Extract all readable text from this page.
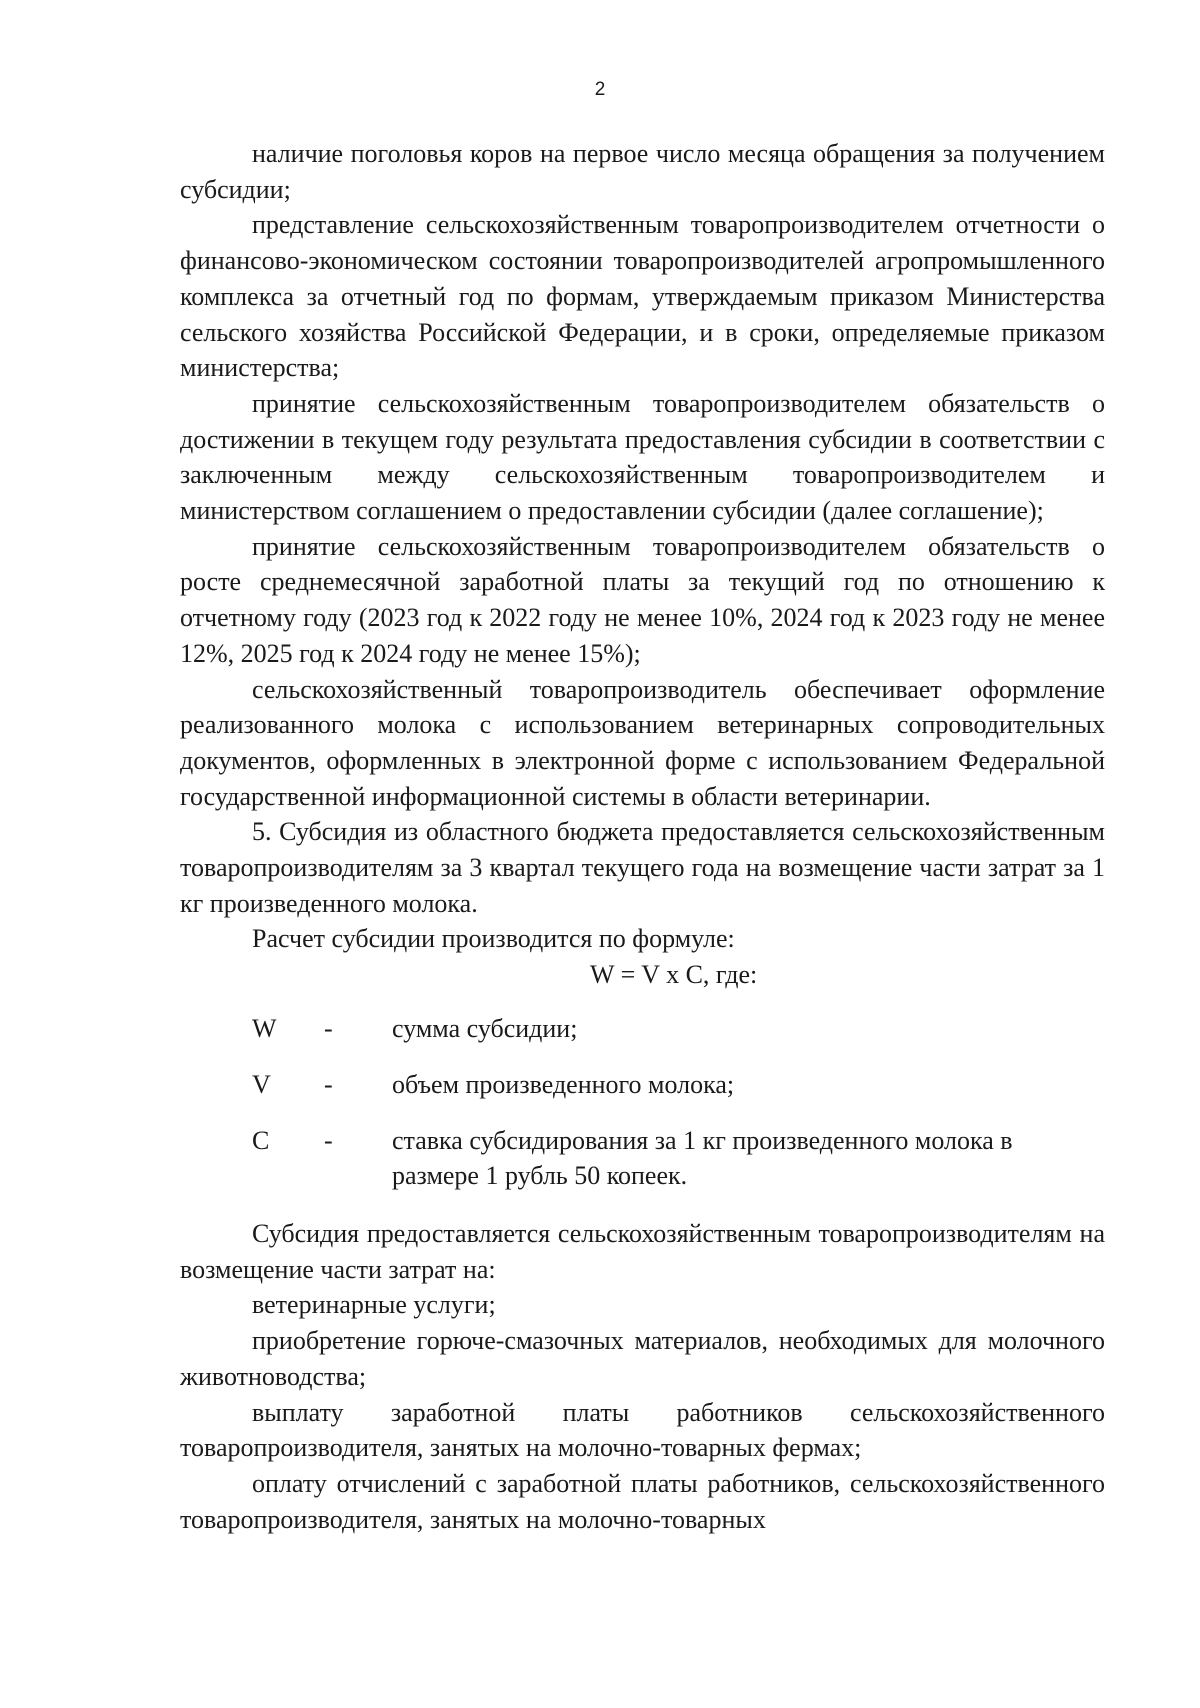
2

наличие поголовья коров на первое число месяца обращения за получением субсидии;

представление сельскохозяйственным товаропроизводителем отчетности о финансово-экономическом состоянии товаропроизводителей агропромышленного комплекса за отчетный год по формам, утверждаемым приказом Министерства сельского хозяйства Российской Федерации, и в сроки, определяемые приказом министерства;

принятие сельскохозяйственным товаропроизводителем обязательств о достижении в текущем году результата предоставления субсидии в соответствии с заключенным между сельскохозяйственным товаропроизводителем и министерством соглашением о предоставлении субсидии (далее соглашение);

принятие сельскохозяйственным товаропроизводителем обязательств о росте среднемесячной заработной платы за текущий год по отношению к отчетному году (2023 год к 2022 году не менее 10%, 2024 год к 2023 году не менее 12%, 2025 год к 2024 году не менее 15%);

сельскохозяйственный товаропроизводитель обеспечивает оформление реализованного молока с использованием ветеринарных сопроводительных документов, оформленных в электронной форме с использованием Федеральной государственной информационной системы в области ветеринарии.

5. Субсидия из областного бюджета предоставляется сельскохозяйственным товаропроизводителям за 3 квартал текущего года на возмещение части затрат за 1 кг произведенного молока.

Расчет субсидии производится по формуле:

W = V x C, где:

W	-	сумма субсидии;
V	-	объем произведенного молока;
C	-	ставка субсидирования за 1 кг произведенного молока в размере 1 рубль 50 копеек.

Субсидия предоставляется сельскохозяйственным товаропроизводителям на возмещение части затрат на:

ветеринарные услуги;

приобретение горюче-смазочных материалов, необходимых для молочного животноводства;

выплату заработной платы работников сельскохозяйственного товаропроизводителя, занятых на молочно-товарных фермах;

оплату отчислений с заработной платы работников, сельскохозяйственного товаропроизводителя, занятых на молочно-товарных
